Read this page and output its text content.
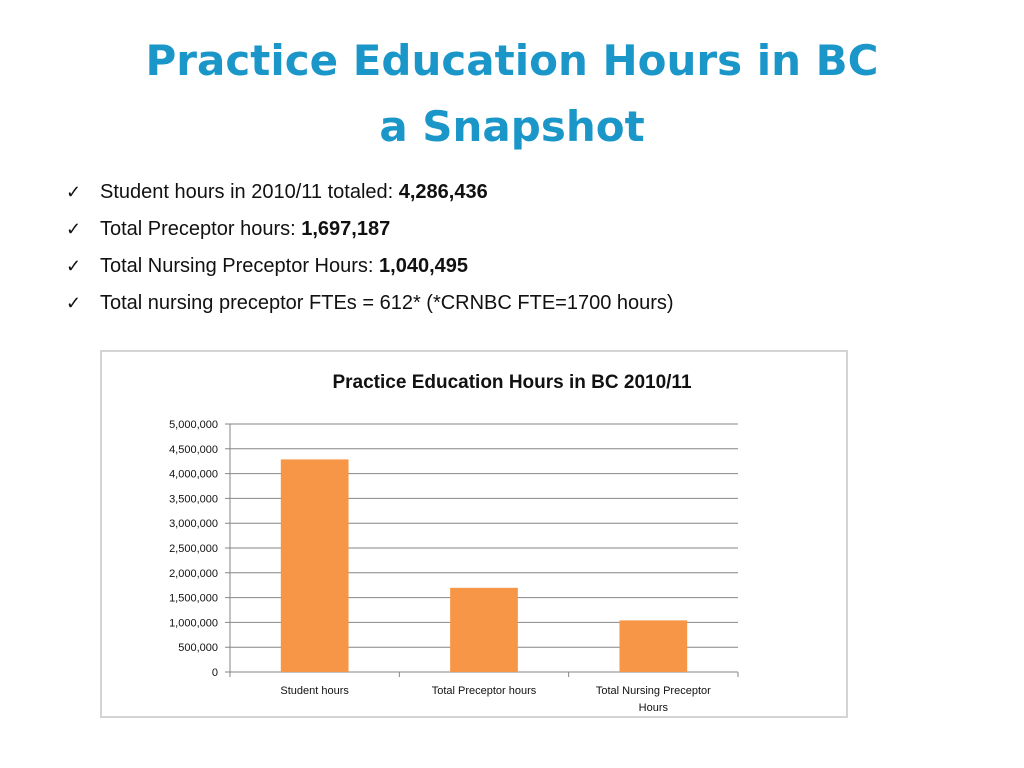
Practice Education Hours in BC
a Snapshot
✓ Student hours in 2010/11 totaled: 4,286,436
✓ Total Preceptor hours: 1,697,187
✓ Total Nursing Preceptor Hours: 1,040,495
✓ Total nursing preceptor FTEs = 612* (*CRNBC FTE=1700 hours)
Practice Education Hours in BC 2010/11
0
500,000
1,000,000
1,500,000
2,000,000
2,500,000
3,000,000
3,500,000
4,000,000
4,500,000
5,000,000
Student hours	Total Preceptor hours	Total Nursing Preceptor Hours
